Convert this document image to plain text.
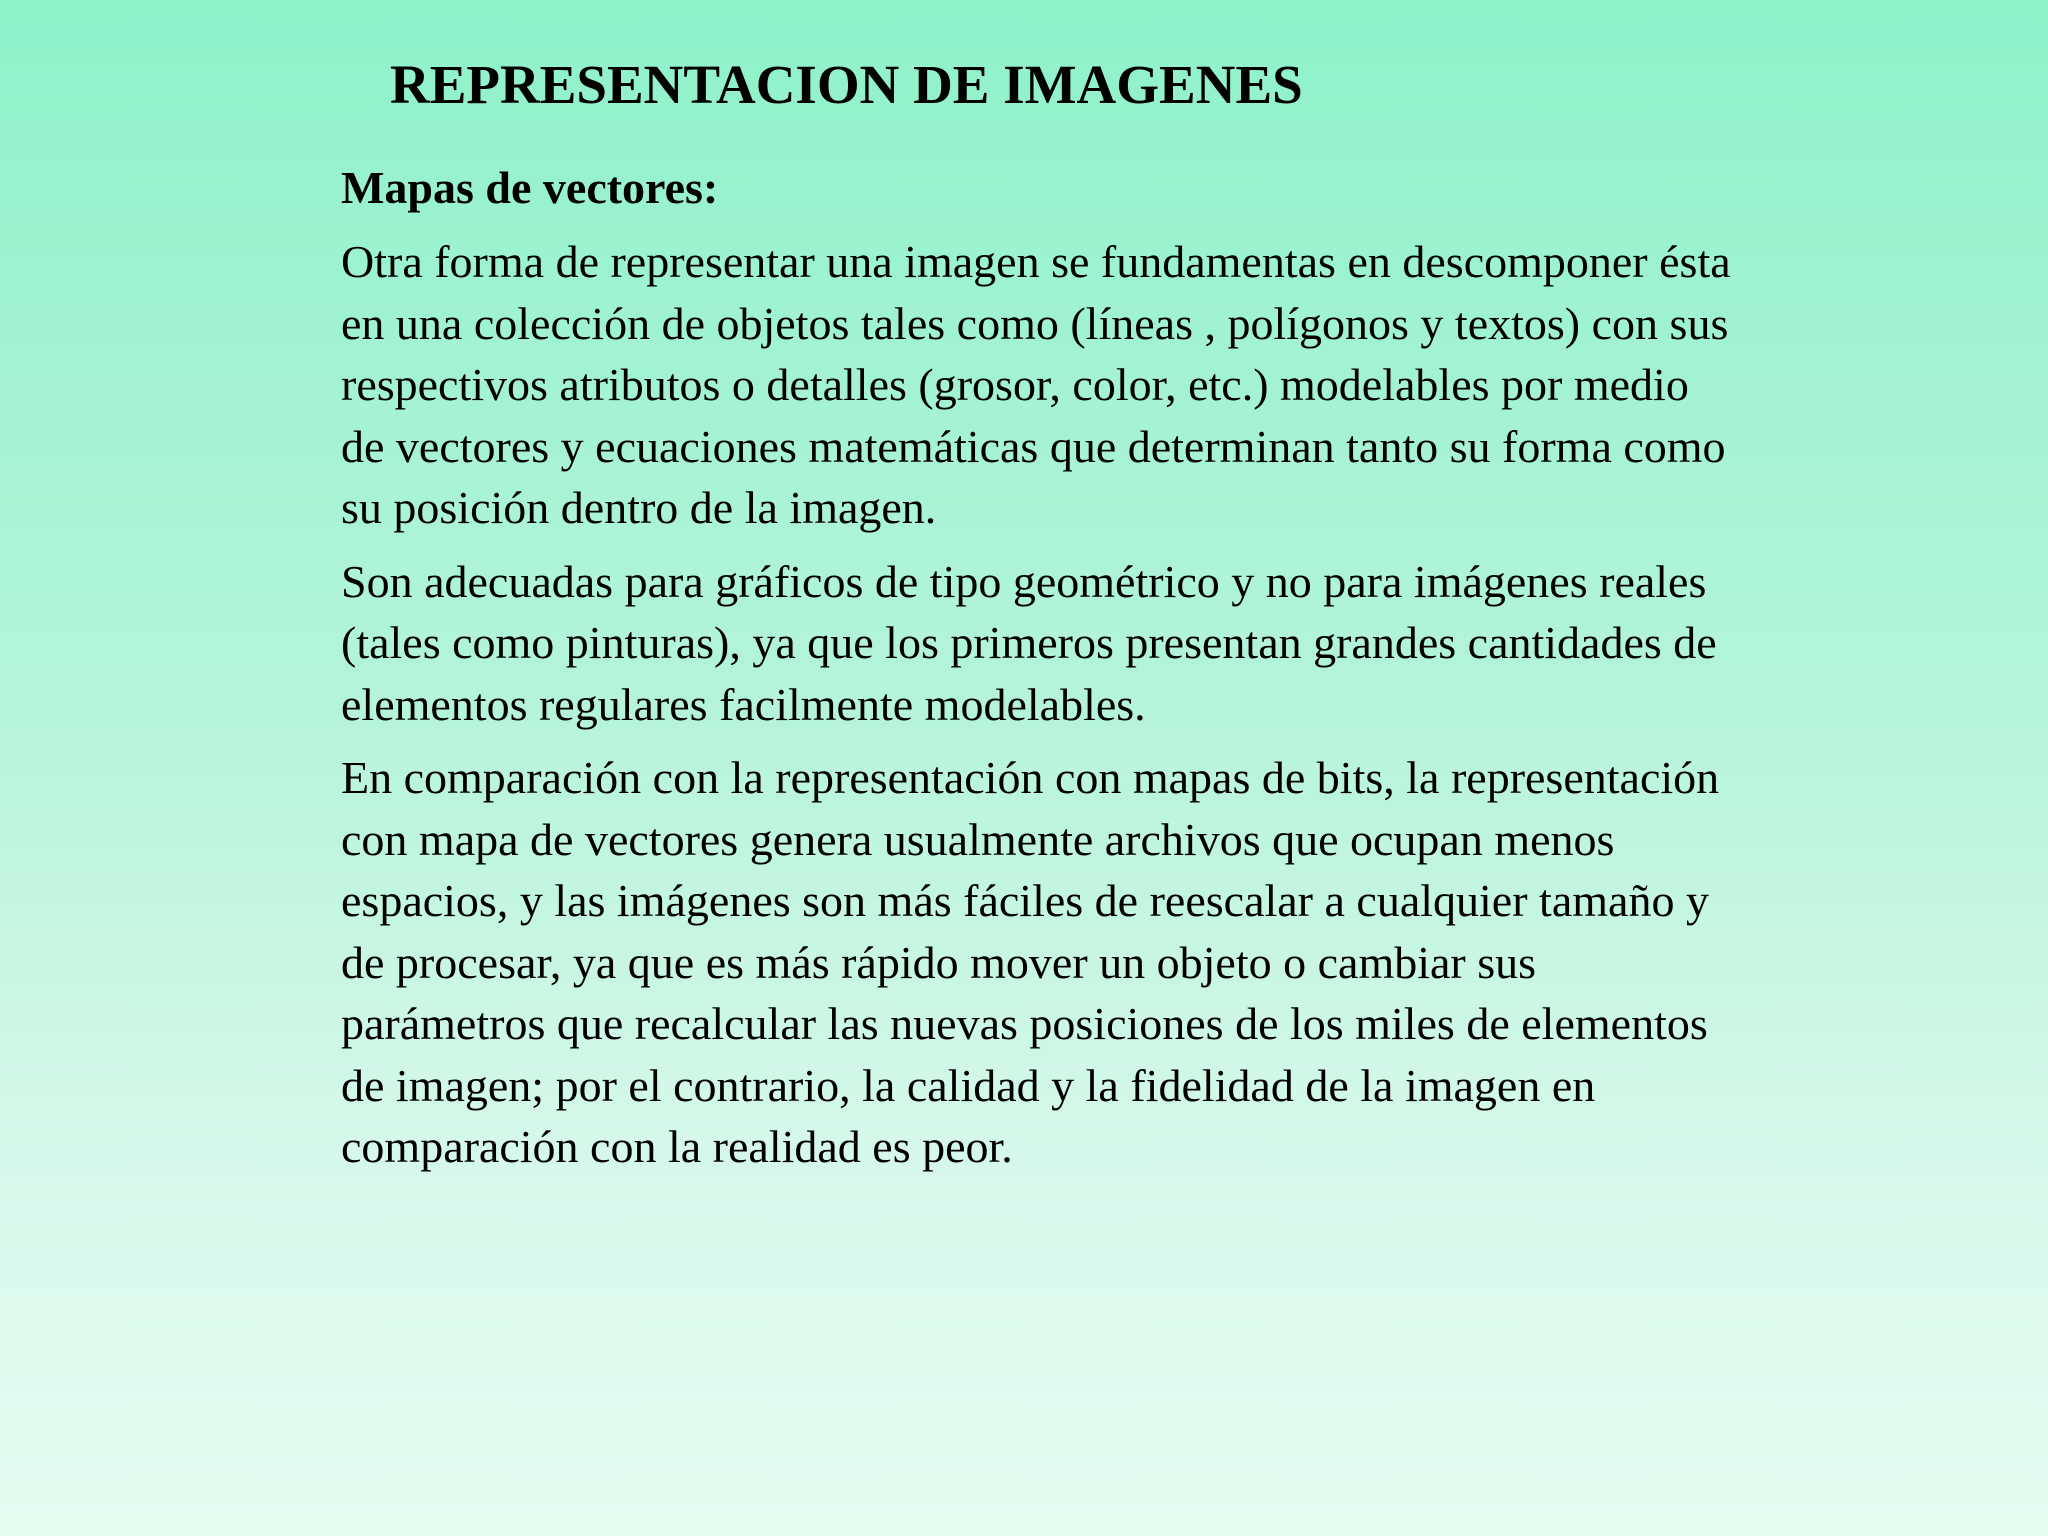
REPRESENTACION DE IMAGENES

Mapas de vectores:

Otra forma de representar una imagen se fundamentas en descomponer ésta en una colección de objetos tales como (líneas , polígonos y textos) con sus respectivos atributos o detalles (grosor, color, etc.) modelables por medio de vectores y ecuaciones matemáticas que determinan tanto su forma como su posición dentro de la imagen.

Son adecuadas para gráficos de tipo geométrico y no para imágenes reales (tales como pinturas), ya que los primeros presentan grandes cantidades de elementos regulares facilmente modelables.

En comparación con la representación con mapas de bits, la representación con mapa de vectores genera usualmente archivos que ocupan menos espacios, y las imágenes son más fáciles de reescalar a cualquier tamaño y de procesar, ya que es más rápido mover un objeto o cambiar sus parámetros que recalcular las nuevas posiciones de los miles de elementos de imagen; por el contrario, la calidad y la fidelidad de la imagen en comparación con la realidad es peor.
